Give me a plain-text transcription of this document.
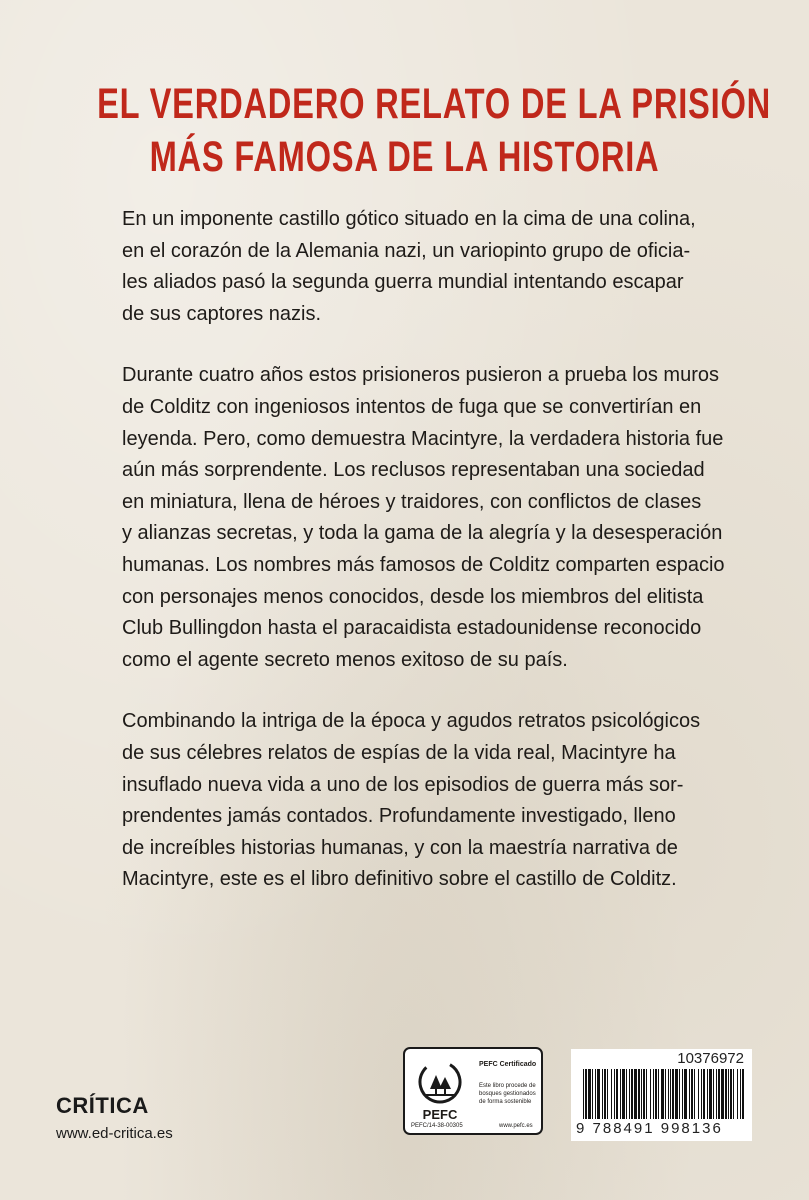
EL VERDADERO RELATO DE LA PRISIÓN
MÁS FAMOSA DE LA HISTORIA

En un imponente castillo gótico situado en la cima de una colina,
en el corazón de la Alemania nazi, un variopinto grupo de oficia-
les aliados pasó la segunda guerra mundial intentando escapar
de sus captores nazis.

Durante cuatro años estos prisioneros pusieron a prueba los muros
de Colditz con ingeniosos intentos de fuga que se convertirían en
leyenda. Pero, como demuestra Macintyre, la verdadera historia fue
aún más sorprendente. Los reclusos representaban una sociedad
en miniatura, llena de héroes y traidores, con conflictos de clases
y alianzas secretas, y toda la gama de la alegría y la desesperación
humanas. Los nombres más famosos de Colditz comparten espacio
con personajes menos conocidos, desde los miembros del elitista
Club Bullingdon hasta el paracaidista estadounidense reconocido
como el agente secreto menos exitoso de su país.

Combinando la intriga de la época y agudos retratos psicológicos
de sus célebres relatos de espías de la vida real, Macintyre ha
insuflado nueva vida a uno de los episodios de guerra más sor-
prendentes jamás contados. Profundamente investigado, lleno
de increíbles historias humanas, y con la maestría narrativa de
Macintyre, este es el libro definitivo sobre el castillo de Colditz.

CRÍTICA
www.ed-critica.es
PEFC
PEFC/14-38-00305
PEFC Certificado
Este libro procede de bosques gestionados de forma sostenible
www.pefc.es
10376972
9 788491 998136
